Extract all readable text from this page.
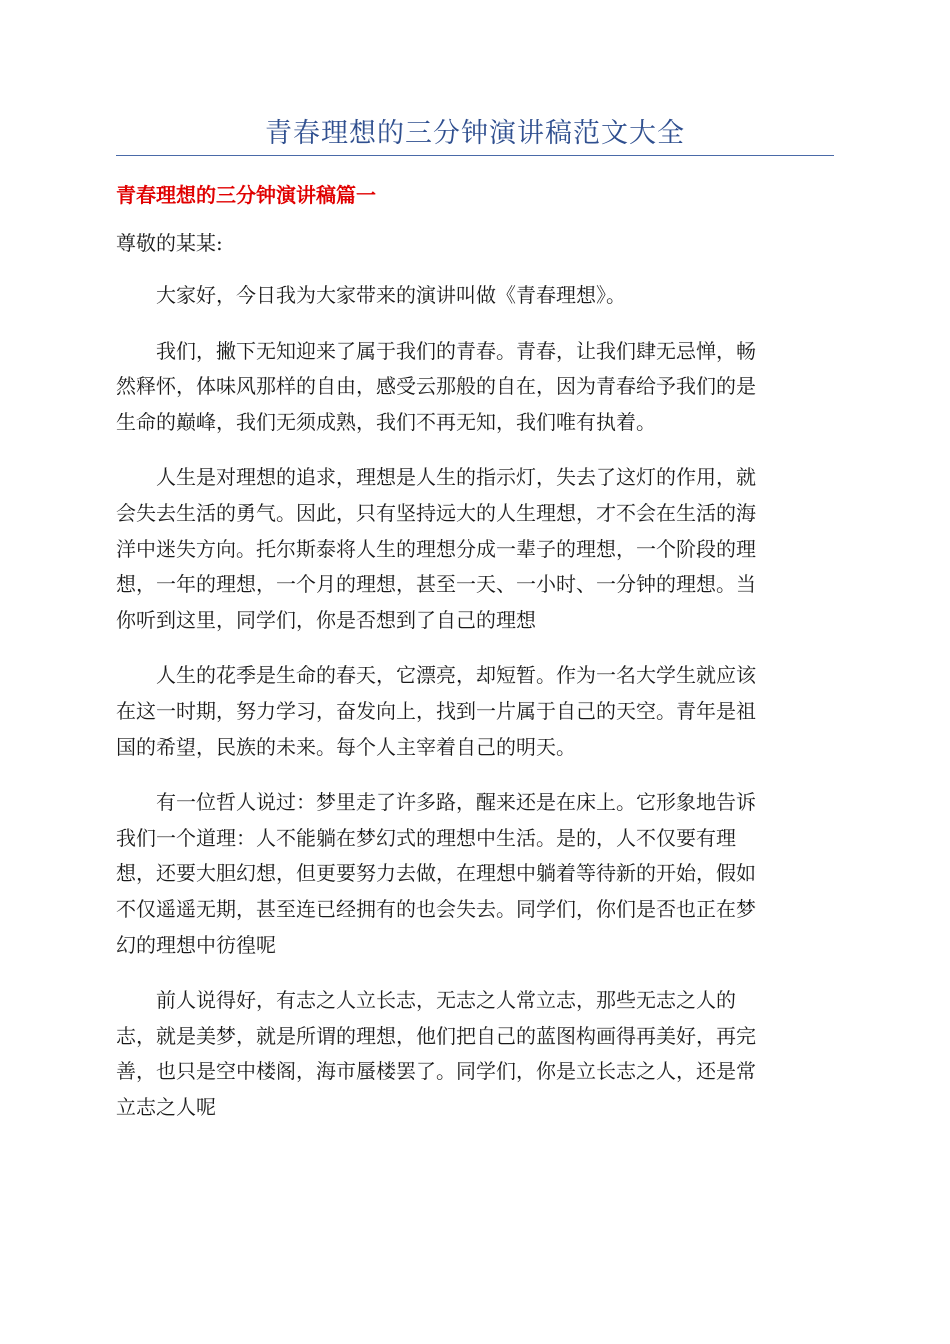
青春理想的三分钟演讲稿范文大全
青春理想的三分钟演讲稿篇一
尊敬的某某:

大家好，今日我为大家带来的演讲叫做《青春理想》。

我们，撇下无知迎来了属于我们的青春。青春，让我们肆无忌惮，畅
然释怀，体味风那样的自由，感受云那般的自在，因为青春给予我们的是
生命的巅峰，我们无须成熟，我们不再无知，我们唯有执着。

人生是对理想的追求，理想是人生的指示灯，失去了这灯的作用，就
会失去生活的勇气。因此，只有坚持远大的人生理想，才不会在生活的海
洋中迷失方向。托尔斯泰将人生的理想分成一辈子的理想，一个阶段的理
想，一年的理想，一个月的理想，甚至一天、一小时、一分钟的理想。当
你听到这里，同学们，你是否想到了自己的理想

人生的花季是生命的春天，它漂亮，却短暂。作为一名大学生就应该
在这一时期，努力学习，奋发向上，找到一片属于自己的天空。青年是祖
国的希望，民族的未来。每个人主宰着自己的明天。

有一位哲人说过：梦里走了许多路，醒来还是在床上。它形象地告诉
我们一个道理：人不能躺在梦幻式的理想中生活。是的，人不仅要有理
想，还要大胆幻想，但更要努力去做，在理想中躺着等待新的开始，假如
不仅遥遥无期，甚至连已经拥有的也会失去。同学们，你们是否也正在梦
幻的理想中彷徨呢

前人说得好，有志之人立长志，无志之人常立志，那些无志之人的
志，就是美梦，就是所谓的理想，他们把自己的蓝图构画得再美好，再完
善，也只是空中楼阁，海市蜃楼罢了。同学们，你是立长志之人，还是常
立志之人呢
